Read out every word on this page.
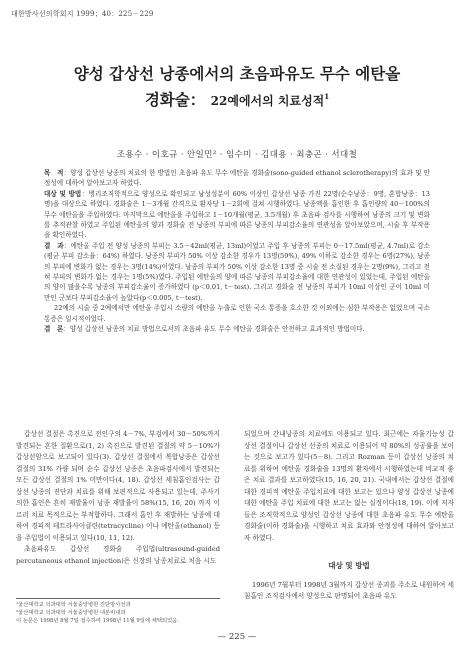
대한방사선의학회지 1999；40：225－229
양성 갑상선 낭종에서의 초음파유도 무수 에탄올
경화술： 22예에서의 치료성적$^1$
조용수 · 이호규 · 안일민² · 임수미 · 김대용 · 최충곤 · 서대철

목　적：양성 갑상선 낭종의 치료의 한 방법인 초음파 유도 무수 에탄올 경화술(sono-guided ethanol sclerotherapy)의 효과 및 안정성에 대하여 알아보고자 하였다.

대상 및 방법：병리조직학적으로 양성으로 확인되고 낭성성분이 60% 이상인 갑상선 낭종 가진 22명(순수낭종：9명, 혼합낭종：13명)을 대상으로 하였다. 경화술은 1－3개월 간격으로 환자당 1－2회에 걸쳐 시행하였다. 낭종액을 흡인한 후 흡인량의 40－100%의 무수 에탄올을 주입하였다. 마지막으로 에탄올을 주입하고 1－10개월(평균, 3.5개월) 후 초음파 검사를 시행하여 낭종의 크기 및 변화를 추적관찰 하였고 주입된 에탄올의 양과 경화술 전 낭종의 부피에 따른 낭종의 부피감소율의 연관성을 알아보았으며, 시술 후 부작용을 확인하였다.

결　과：에탄올 주입 전 양성 낭종의 부피는 3.5－42ml(평균, 13ml)이었고 주입 후 낭종의 부피는 0－17.5ml(평균, 4.7ml)로 감소(평균 부피 감소율：64%) 하였다. 낭종의 부피가 50% 이상 감소한 경우가 13명(59%), 49% 이하로 감소한 경우는 6명(27%), 낭종의 부피에 변화가 없는 경우는 3명(14%)이였다. 낭종의 부피가 50% 이상 감소한 13명 중 시술 전 소실된 경우는 2명(9%), 그리고 전혀 부피의 변화가 없는 경우는 1명(5%)였다. 주입된 에탄올의 양에 따른 낭종의 부피감소율에 대한 연관성이 있었는데, 주입된 에탄올의 양이 많을수록 낭종의 부피감소율이 증가하였다 (p＜0.01, t－test). 그리고 경화술 전 낭종의 부피가 10ml 이상인 군이 10ml 미만인 군보다 부피감소율이 높았다(p＜0.005, t－test).

22예의 시술 중 2예에서만 에탄올 주입시 소량의 에탄올 누출로 인한 국소 통증을 호소한 것 이외에는 심한 부작용은 없었으며 국소 통증은 일시적이었다.

결　론：양성 갑상선 낭종의 치료 방법으로서의 초음파 유도 무수 에탄올 경화술은 안전하고 효과적인 방법이다.

갑상선 결절은 촉진으로 전인구의 4－7%, 부검에서 30－50%까지 발견되는 흔한 질환으로(1, 2) 촉진으로 발견된 결절의 약 5－10%가 갑상선암으로 보고되어 있다(3). 갑상선 결절에서 복합낭종은 갑상선결절의 31% 가량 되며 순수 갑상선 낭종은 초음파검사에서 발견되는 모든 갑상선 결절의 1% 미만이다(4, 18). 갑상선 세침흡인검사는 갑상선 낭종의 진단과 치료를 위해 보편적으로 사용되고 있는데, 주사기 의한 흡인은 흔히 재발율이 낭종 재발율이 58%(15, 16, 20) 까지 이르러 치료 목적으로는 부적합하다. 그래서 흡인 후 재발하는 낭종에 대하여 경피적 테트라사이클린(tetracycline) 이나 에탄올(ethanol) 등을 주입법이 이용되고 있다(10, 11, 12).

초음파유도 갑상선 경화술 주입법(ultrasound-guided percutaneous ethanol injection)은 신장의 낭종치료로 처음 시도

되었으며 간내낭종의 치료에도 이용되고 있다. 최근에는 자율기능성 갑상선 결절이나 갑상선 선종의 치료로 이용되어 약 80%의 성공률을 보이는 것으로 보고가 있다(5－8). 그리고 Rozman 등이 갑상선 낭종의 치료를 위하여 에탄올 경화술을 13명의 환자에서 시행하였는데 비교적 좋은 치료 결과를 보고하였다(15, 16, 20, 21). 국내에서는 갑상선 결절에 대한 경피적 에탄올 주입치료에 대한 보고는 있으나 양성 갑상선 낭종에 대한 에탄올 주입 치료에 대한 보고는 없는 실정이다(18, 19). 이에 저자들은 조직학적으로 양성인 갑상선 낭종에 대한 초음파 유도 무수 에탄올 경화술(이하 경화술)을 시행하고 치료 효과와 안정성에 대하여 알아보고자 하였다.

대상 및 방법

1996년 7월부터 1998년 3월까지 갑상선 종괴를 주소로 내원하여 세침흡인 조직검사에서 양성으로 판명되어 초음파 유도

¹울산대학교 의과대학 서울중앙병원 진단방사선과
²울산대학교 의과대학 서울중앙병원 내분비내과
이 논문은 1998년 8월 7일 접수하여 1998년 11월 9일에 채택되었음.
— 225 —
